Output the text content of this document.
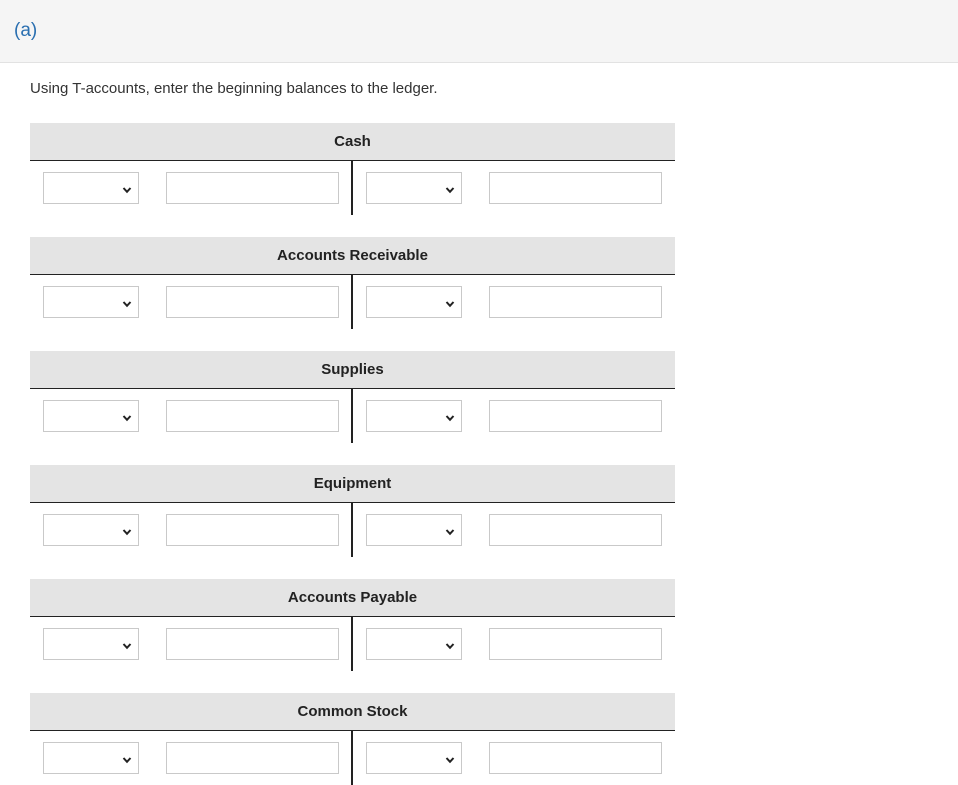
(a)
Using T-accounts, enter the beginning balances to the ledger.
Cash
Accounts Receivable
Supplies
Equipment
Accounts Payable
Common Stock
